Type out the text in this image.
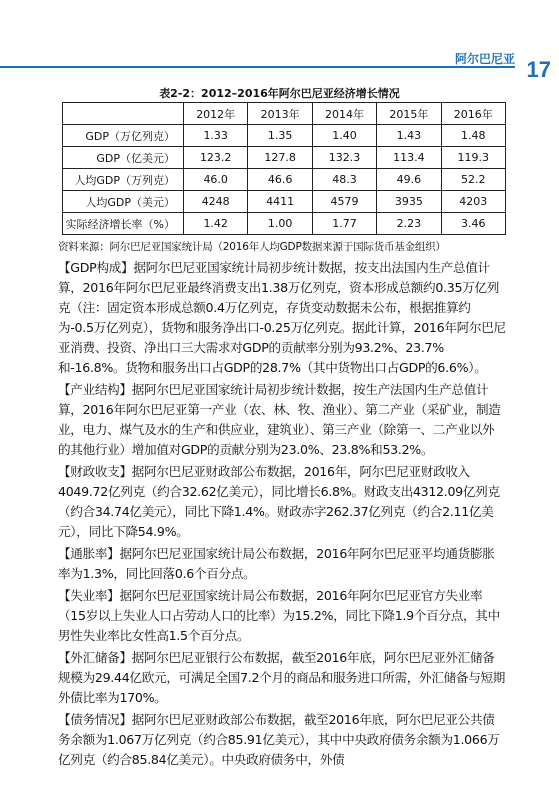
阿尔巴尼亚 17
表2-2：2012–2016年阿尔巴尼亚经济增长情况
	2012年	2013年	2014年	2015年	2016年
GDP（万亿列克）	1.33	1.35	1.40	1.43	1.48
GDP（亿美元）	123.2	127.8	132.3	113.4	119.3
人均GDP（万列克）	46.0	46.6	48.3	49.6	52.2
人均GDP（美元）	4248	4411	4579	3935	4203
实际经济增长率（%）	1.42	1.00	1.77	2.23	3.46
资料来源：阿尔巴尼亚国家统计局（2016年人均GDP数据来源于国际货币基金组织）

【GDP构成】据阿尔巴尼亚国家统计局初步统计数据，按支出法国内生产总值计算，2016年阿尔巴尼亚最终消费支出1.38万亿列克，资本形成总额约0.35万亿列克（注：固定资本形成总额0.4万亿列克，存货变动数据未公布，根据推算约为-0.5万亿列克），货物和服务净出口-0.25万亿列克。据此计算，2016年阿尔巴尼亚消费、投资、净出口三大需求对GDP的贡献率分别为93.2%、23.7%和-16.8%。货物和服务出口占GDP的28.7%（其中货物出口占GDP的6.6%）。

【产业结构】据阿尔巴尼亚国家统计局初步统计数据，按生产法国内生产总值计算，2016年阿尔巴尼亚第一产业（农、林、牧、渔业）、第二产业（采矿业，制造业，电力、煤气及水的生产和供应业，建筑业）、第三产业（除第一、二产业以外的其他行业）增加值对GDP的贡献分别为23.0%、23.8%和53.2%。

【财政收支】据阿尔巴尼亚财政部公布数据，2016年，阿尔巴尼亚财政收入4049.72亿列克（约合32.62亿美元），同比增长6.8%。财政支出4312.09亿列克（约合34.74亿美元），同比下降1.4%。财政赤字262.37亿列克（约合2.11亿美元），同比下降54.9%。

【通胀率】据阿尔巴尼亚国家统计局公布数据，2016年阿尔巴尼亚平均通货膨胀率为1.3%，同比回落0.6个百分点。

【失业率】据阿尔巴尼亚国家统计局公布数据，2016年阿尔巴尼亚官方失业率（15岁以上失业人口占劳动人口的比率）为15.2%，同比下降1.9个百分点，其中男性失业率比女性高1.5个百分点。

【外汇储备】据阿尔巴尼亚银行公布数据，截至2016年底，阿尔巴尼亚外汇储备规模为29.44亿欧元，可满足全国7.2个月的商品和服务进口所需，外汇储备与短期外债比率为170%。

【债务情况】据阿尔巴尼亚财政部公布数据，截至2016年底，阿尔巴尼亚公共债务余额为1.067万亿列克（约合85.91亿美元），其中中央政府债务余额为1.066万亿列克（约合85.84亿美元）。中央政府债务中，外债
